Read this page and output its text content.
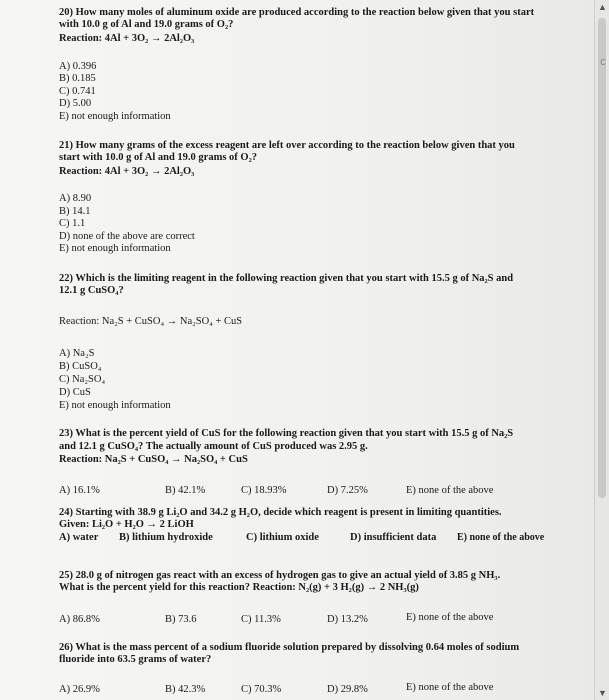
20) How many moles of aluminum oxide are produced according to the reaction below given that you start
with 10.0 g of Al and 19.0 grams of O₂?
Reaction: 4Al + 3O₂ → 2Al₂O₃
A) 0.396
B) 0.185
C) 0.741
D) 5.00
E) not enough information
21) How many grams of the excess reagent are left over according to the reaction below given that you
start with 10.0 g of Al and 19.0 grams of O₂?
Reaction: 4Al + 3O₂ → 2Al₂O₃
A) 8.90
B) 14.1
C) 1.1
D) none of the above are correct
E) not enough information
22) Which is the limiting reagent in the following reaction given that you start with 15.5 g of Na₂S and
12.1 g CuSO₄?
Reaction: Na₂S + CuSO₄ → Na₂SO₄ + CuS
A) Na₂S
B) CuSO₄
C) Na₂SO₄
D) CuS
E) not enough information
23) What is the percent yield of CuS for the following reaction given that you start with 15.5 g of Na₂S
and 12.1 g CuSO₄? The actually amount of CuS produced was 2.95 g.
Reaction: Na₂S + CuSO₄ → Na₂SO₄ + CuS
A) 16.1%	B) 42.1%	C) 18.93%	D) 7.25%	E) none of the above
24) Starting with 38.9 g Li₂O and 34.2 g H₂O, decide which reagent is present in limiting quantities.
Given: Li₂O + H₂O → 2 LiOH
A) water B) lithium hydroxide	C) lithium oxide	D) insufficient data E) none of the above
25) 28.0 g of nitrogen gas react with an excess of hydrogen gas to give an actual yield of 3.85 g NH₃.
What is the percent yield for this reaction? Reaction: N₂(g) + 3 H₂(g) → 2 NH₃(g)
A) 86.8%	B) 73.6	C) 11.3%	D) 13.2%	E) none of the above
26) What is the mass percent of a sodium fluoride solution prepared by dissolving 0.64 moles of sodium
fluoride into 63.5 grams of water?
A) 26.9%	B) 42.3%	C) 70.3%	D) 29.8%	E) none of the above
▲
▼
C
